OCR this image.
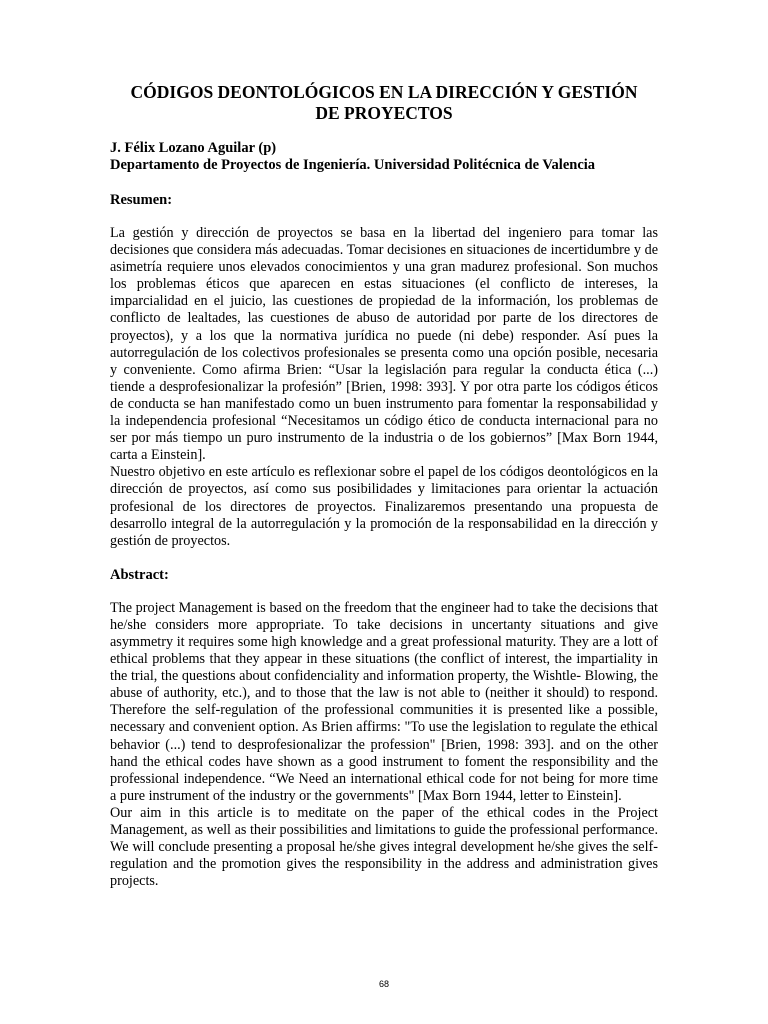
CÓDIGOS DEONTOLÓGICOS EN LA DIRECCIÓN Y GESTIÓN DE PROYECTOS

J. Félix Lozano Aguilar (p)

Departamento de Proyectos de Ingeniería. Universidad Politécnica de Valencia

Resumen:

La gestión y dirección de proyectos se basa en la libertad del ingeniero para tomar las decisiones que considera más adecuadas. Tomar decisiones en situaciones de incertidumbre y de asimetría requiere unos elevados conocimientos y una gran madurez profesional. Son muchos los problemas éticos que aparecen en estas situaciones (el conflicto de intereses, la imparcialidad en el juicio, las cuestiones de propiedad de la información, los problemas de conflicto de lealtades, las cuestiones de abuso de autoridad por parte de los directores de proyectos), y a los que la normativa jurídica no puede (ni debe) responder. Así pues la autorregulación de los colectivos profesionales se presenta como una opción posible, necesaria y conveniente. Como afirma Brien: “Usar la legislación para regular la conducta ética (...) tiende a desprofesionalizar la profesión” [Brien, 1998: 393]. Y por otra parte los códigos éticos de conducta se han manifestado como un buen instrumento para fomentar la responsabilidad y la independencia profesional “Necesitamos un código ético de conducta internacional para no ser por más tiempo un puro instrumento de la industria o de los gobiernos” [Max Born 1944, carta a Einstein].

Nuestro objetivo en este artículo es reflexionar sobre el papel de los códigos deontológicos en la dirección de proyectos, así como sus posibilidades y limitaciones para orientar la actuación profesional de los directores de proyectos. Finalizaremos presentando una propuesta de desarrollo integral de la autorregulación y la promoción de la responsabilidad en la dirección y gestión de proyectos.

Abstract:

The project Management is based on the freedom that the engineer had to take the decisions that he/she considers more appropriate. To take decisions in uncertanty situations and give asymmetry it requires some high knowledge and a great professional maturity. They are a lott of ethical problems that they appear in these situations (the conflict of interest, the impartiality in the trial, the questions about confidenciality and information property, the Wishtle- Blowing, the abuse of authority, etc.), and to those that the law is not able to (neither it should) to respond. Therefore the self-regulation of the professional communities it is presented like a possible, necessary and convenient option. As Brien affirms: "To use the legislation to regulate the ethical behavior (...) tend to desprofesionalizar the profession" [Brien, 1998: 393]. and on the other hand the ethical codes have shown as a good instrument to foment the responsibility and the professional independence. “We Need an international ethical code for not being for more time a pure instrument of the industry or the governments" [Max Born 1944, letter to Einstein].

Our aim in this article is to meditate on the paper of the ethical codes in the Project Management, as well as their possibilities and limitations to guide the professional performance. We will conclude presenting a proposal he/she gives integral development he/she gives the self-regulation and the promotion gives the responsibility in the address and administration gives projects.

68
